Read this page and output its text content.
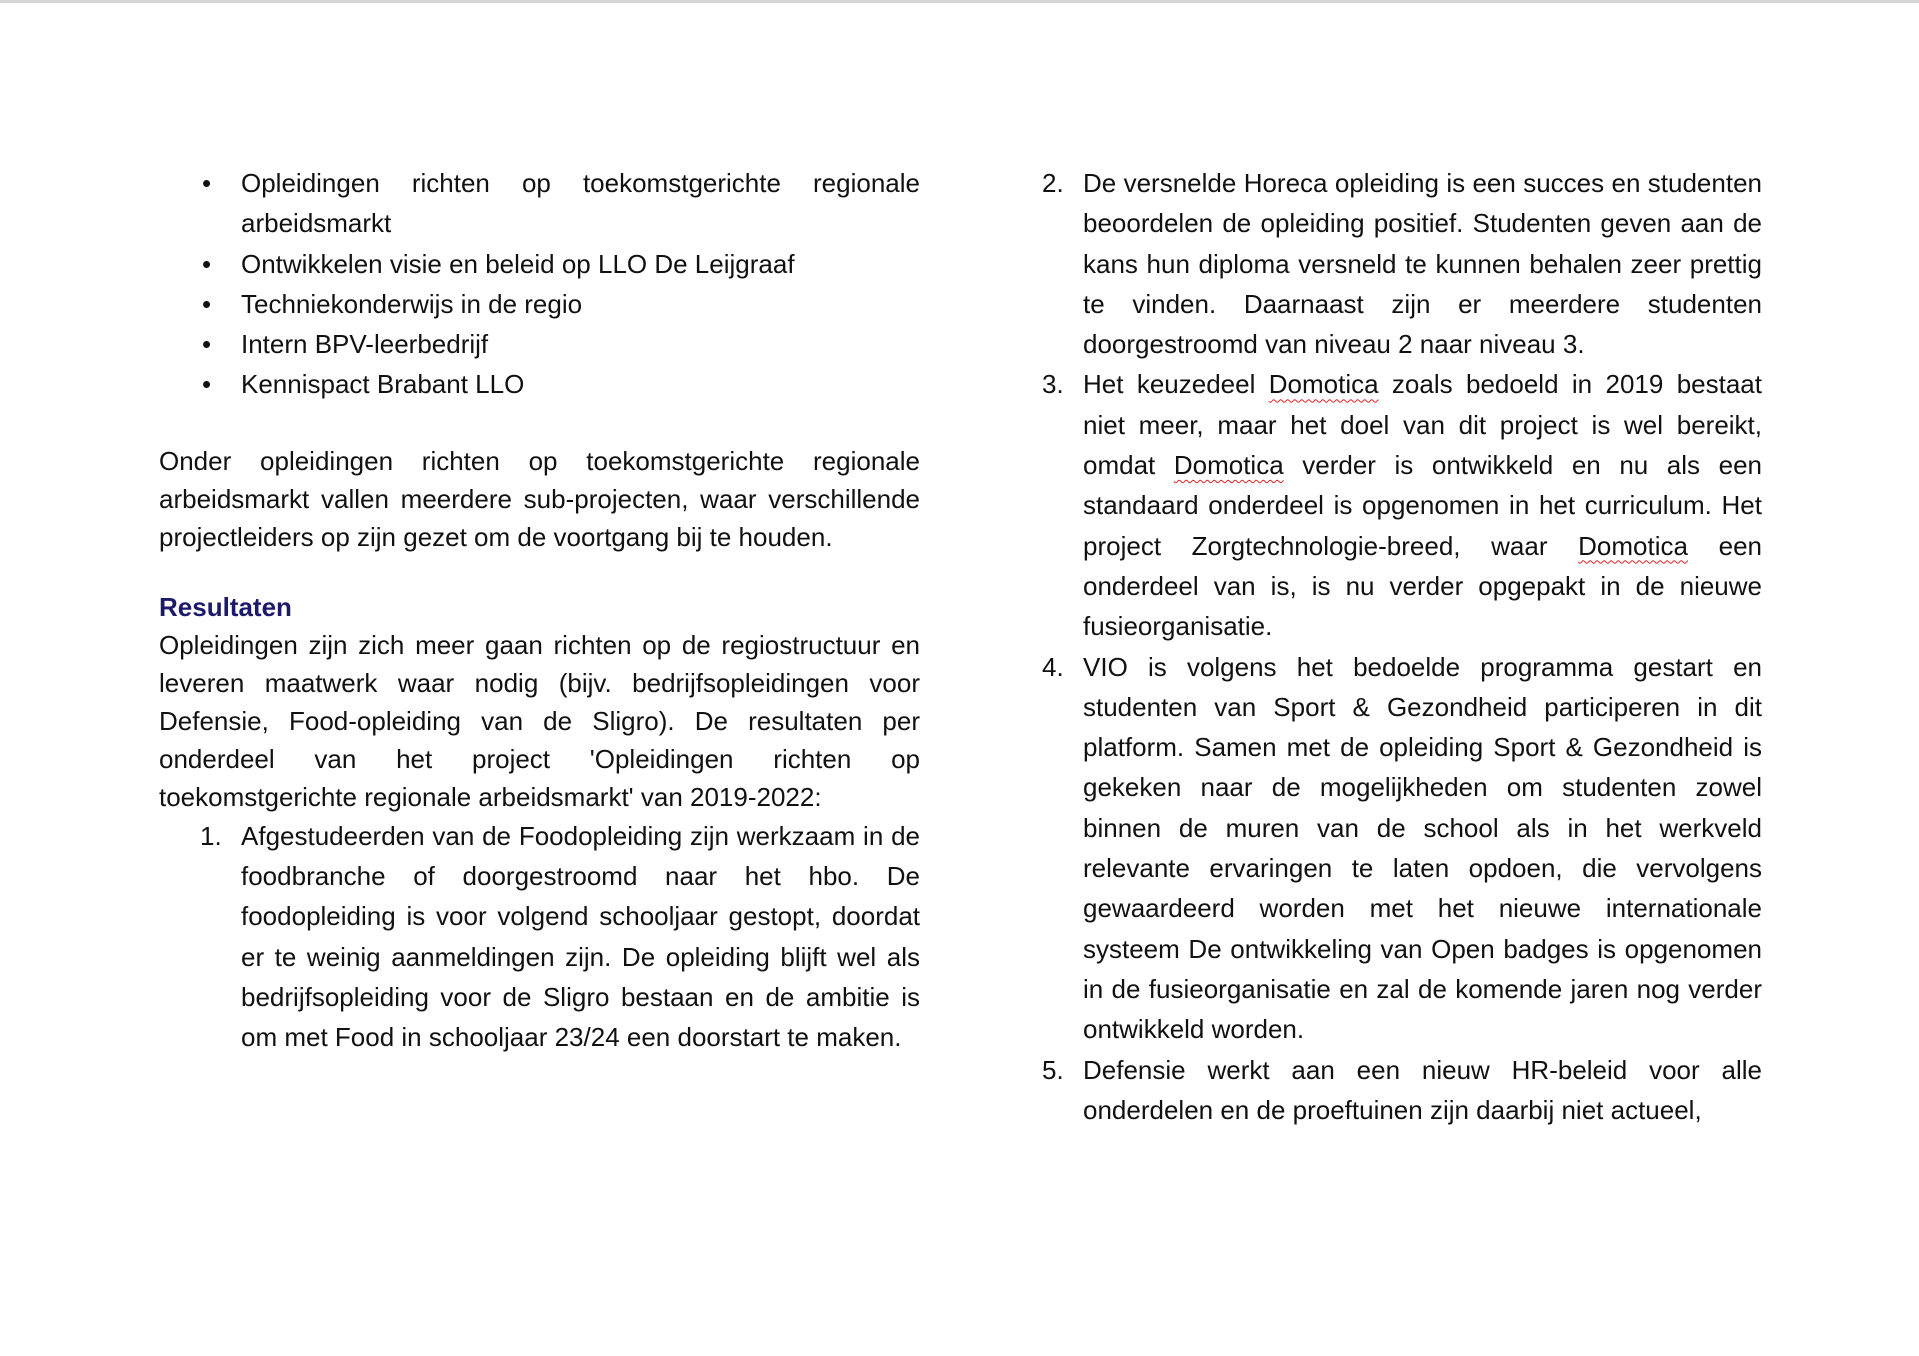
• Opleidingen richten op toekomstgerichte regionale arbeidsmarkt
• Ontwikkelen visie en beleid op LLO De Leijgraaf
• Techniekonderwijs in de regio
• Intern BPV-leerbedrijf
• Kennispact Brabant LLO

Onder opleidingen richten op toekomstgerichte regionale arbeidsmarkt vallen meerdere sub-projecten, waar verschillende projectleiders op zijn gezet om de voortgang bij te houden.

Resultaten

Opleidingen zijn zich meer gaan richten op de regiostructuur en leveren maatwerk waar nodig (bijv. bedrijfsopleidingen voor Defensie, Food-opleiding van de Sligro). De resultaten per onderdeel van het project 'Opleidingen richten op toekomstgerichte regionale arbeidsmarkt' van 2019-2022:

1. Afgestudeerden van de Foodopleiding zijn werkzaam in de foodbranche of doorgestroomd naar het hbo. De foodopleiding is voor volgend schooljaar gestopt, doordat er te weinig aanmeldingen zijn. De opleiding blijft wel als bedrijfsopleiding voor de Sligro bestaan en de ambitie is om met Food in schooljaar 23/24 een doorstart te maken.
2. De versnelde Horeca opleiding is een succes en studenten beoordelen de opleiding positief. Studenten geven aan de kans hun diploma versneld te kunnen behalen zeer prettig te vinden. Daarnaast zijn er meerdere studenten doorgestroomd van niveau 2 naar niveau 3.
3. Het keuzedeel Domotica zoals bedoeld in 2019 bestaat niet meer, maar het doel van dit project is wel bereikt, omdat Domotica verder is ontwikkeld en nu als een standaard onderdeel is opgenomen in het curriculum. Het project Zorgtechnologie-breed, waar Domotica een onderdeel van is, is nu verder opgepakt in de nieuwe fusieorganisatie.
4. VIO is volgens het bedoelde programma gestart en studenten van Sport & Gezondheid participeren in dit platform. Samen met de opleiding Sport & Gezondheid is gekeken naar de mogelijkheden om studenten zowel binnen de muren van de school als in het werkveld relevante ervaringen te laten opdoen, die vervolgens gewaardeerd worden met het nieuwe internationale systeem De ontwikkeling van Open badges is opgenomen in de fusieorganisatie en zal de komende jaren nog verder ontwikkeld worden.
5. Defensie werkt aan een nieuw HR-beleid voor alle onderdelen en de proeftuinen zijn daarbij niet actueel,
